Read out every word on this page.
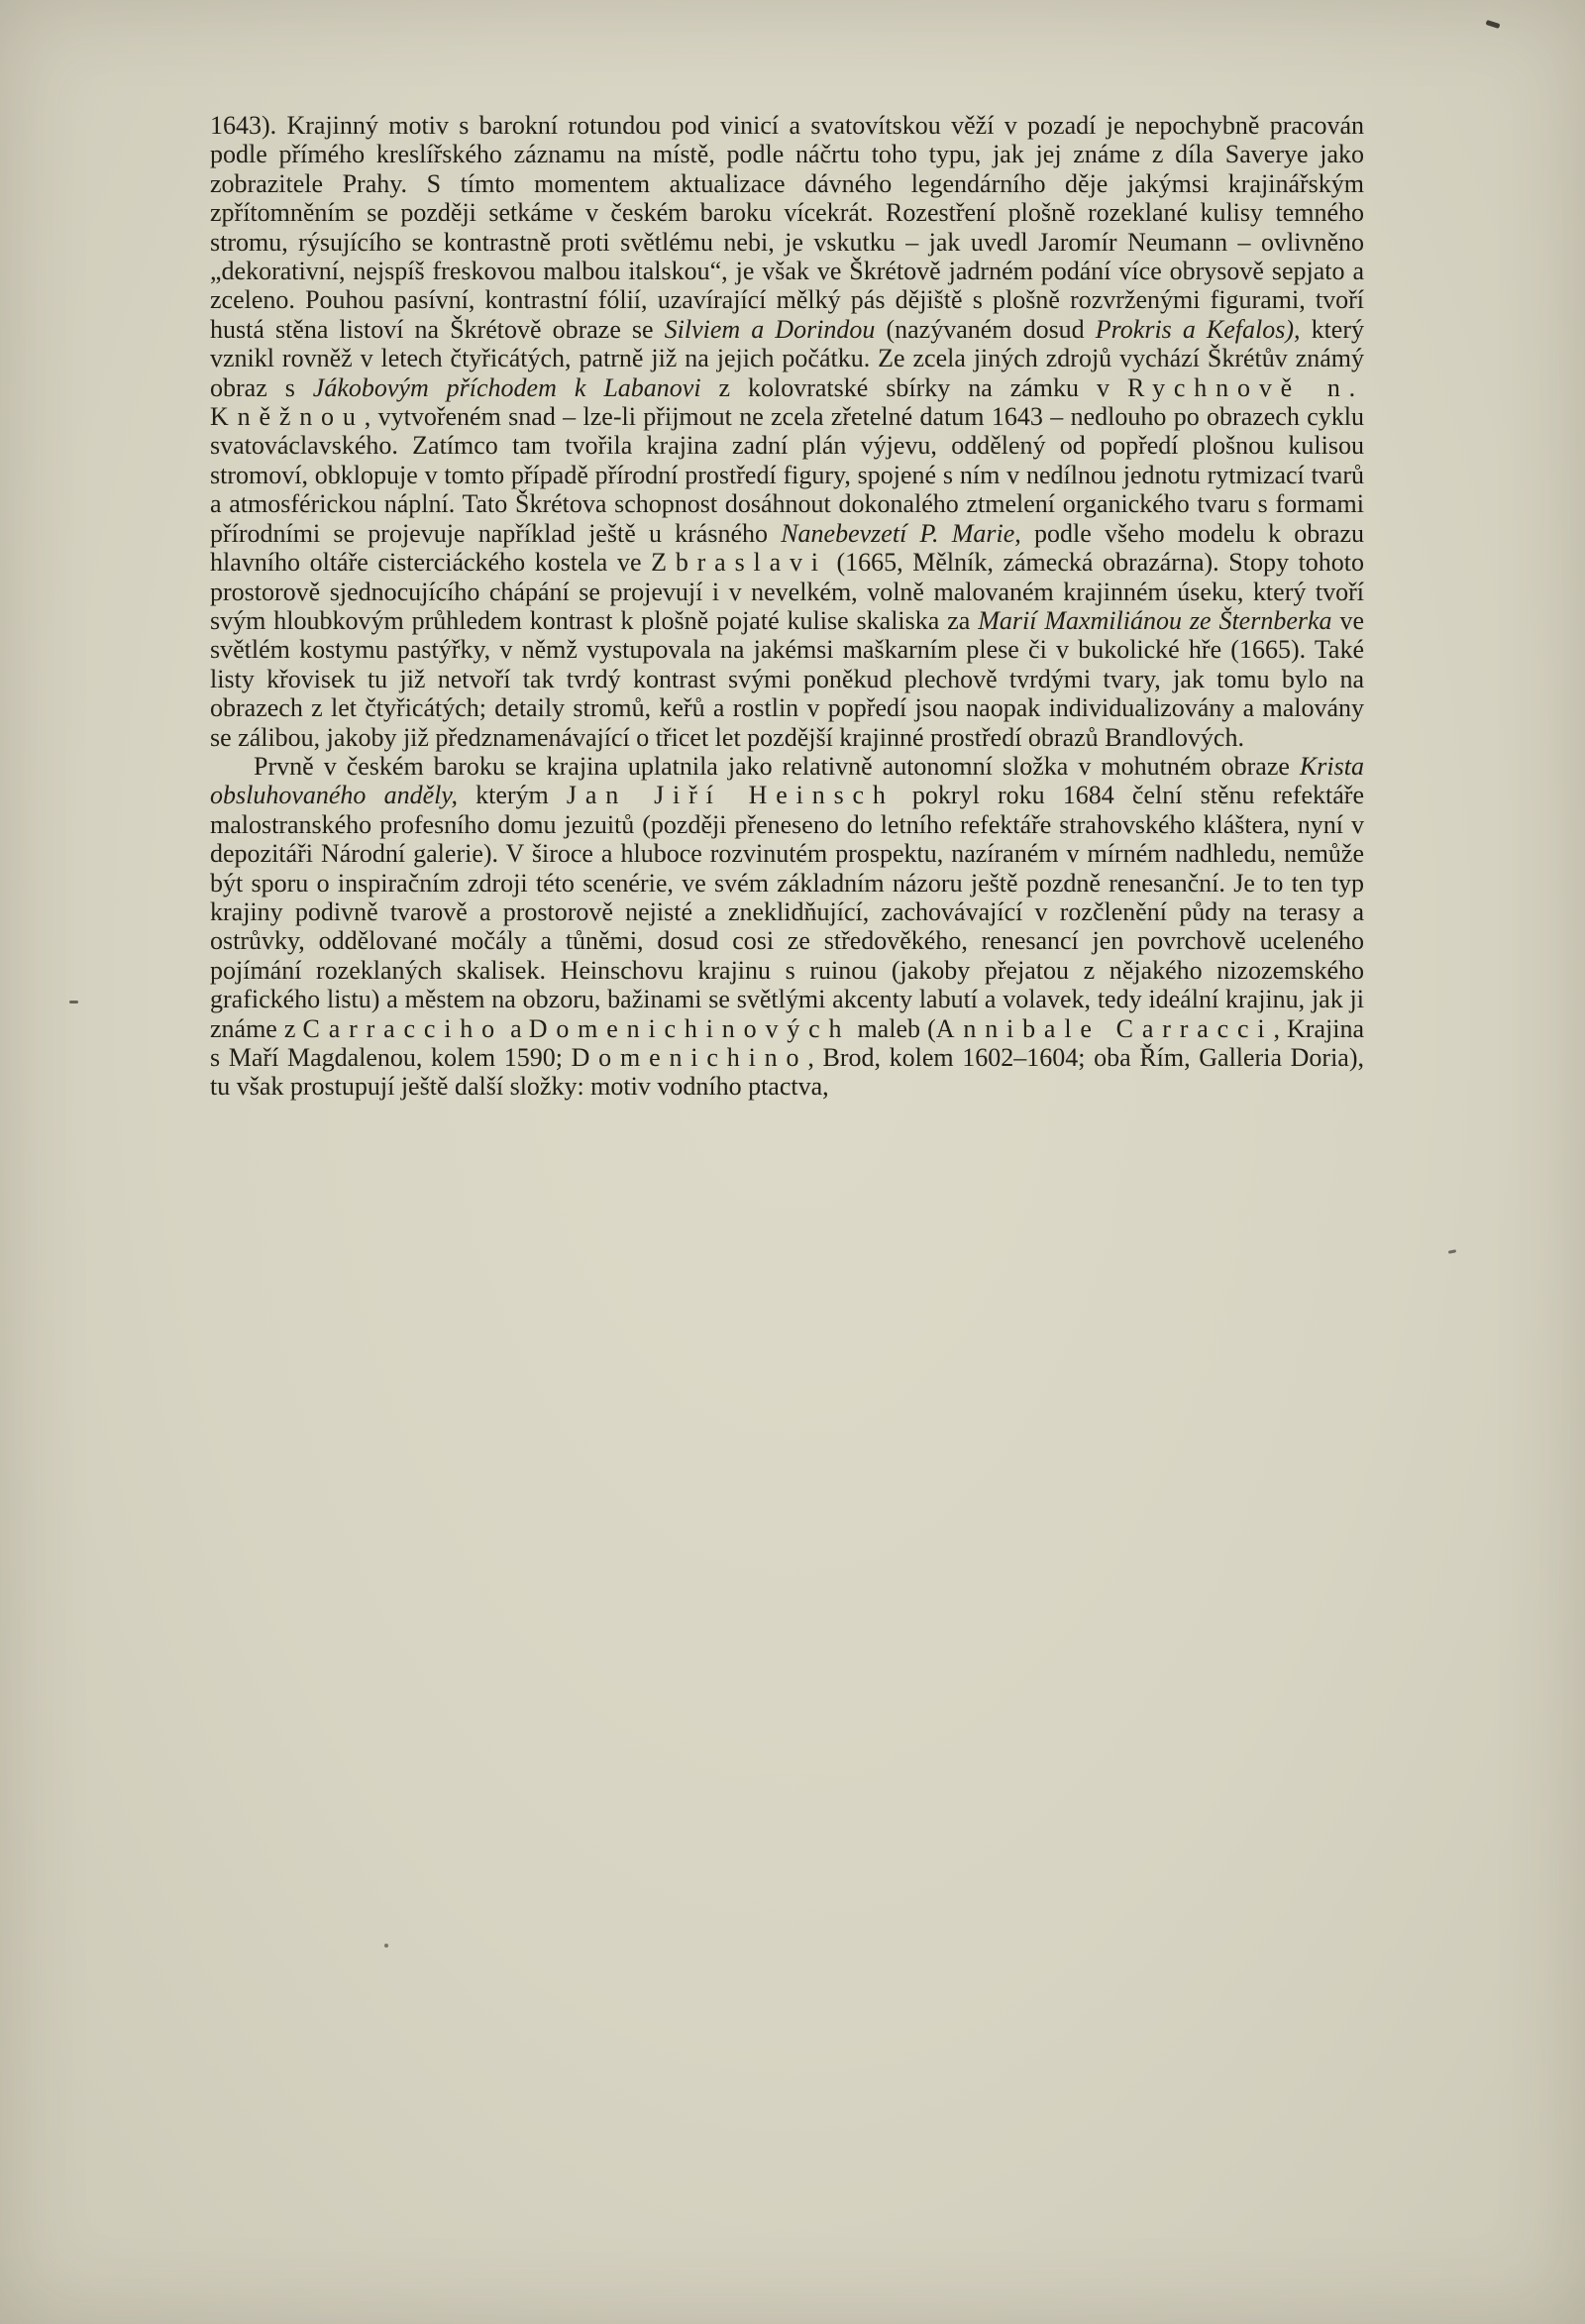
1643). Krajinný motiv s barokní rotundou pod vinicí a svatovítskou věží v pozadí je nepochybně pracován podle přímého kreslířského záznamu na místě, podle náčrtu toho typu, jak jej známe z díla Saverye jako zobrazitele Prahy. S tímto momentem aktualizace dávného legendárního děje jakýmsi krajinářským zpřítomněním se později setkáme v českém baroku vícekrát. Rozestření plošně rozeklané kulisy temného stromu, rýsujícího se kontrastně proti světlému nebi, je vskutku – jak uvedl Jaromír Neumann – ovlivněno „dekorativní, nejspíš freskovou malbou italskou“, je však ve Škrétově jadrném podání více obrysově sepjato a zceleno. Pouhou pasívní, kontrastní fólií, uzavírající mělký pás dějiště s plošně rozvrženými figurami, tvoří hustá stěna listoví na Škrétově obraze se Silviem a Dorindou (nazývaném dosud Prokris a Kefalos), který vznikl rovněž v letech čtyřicátých, patrně již na jejich počátku. Ze zcela jiných zdrojů vychází Škrétův známý obraz s Jákobovým příchodem k Labanovi z kolovratské sbírky na zámku v Rychnově n. Kněžnou, vytvořeném snad – lze-li přijmout ne zcela zřetelné datum 1643 – nedlouho po obrazech cyklu svatováclavského. Zatímco tam tvořila krajina zadní plán výjevu, oddělený od popředí plošnou kulisou stromoví, obklopuje v tomto případě přírodní prostředí figury, spojené s ním v nedílnou jednotu rytmizací tvarů a atmosférickou náplní. Tato Škrétova schopnost dosáhnout dokonalého ztmelení organického tvaru s formami přírodními se projevuje například ještě u krásného Nanebevzetí P. Marie, podle všeho modelu k obrazu hlavního oltáře cisterciáckého kostela ve Zbraslavi (1665, Mělník, zámecká obrazárna). Stopy tohoto prostorově sjednocujícího chápání se projevují i v nevelkém, volně malovaném krajinném úseku, který tvoří svým hloubkovým průhledem kontrast k plošně pojaté kulise skaliska za Marií Maxmiliánou ze Šternberka ve světlém kostymu pastýřky, v němž vystupovala na jakémsi maškarním plese či v bukolické hře (1665). Také listy křovisek tu již netvoří tak tvrdý kontrast svými poněkud plechově tvrdými tvary, jak tomu bylo na obrazech z let čtyřicátých; detaily stromů, keřů a rostlin v popředí jsou naopak individualizovány a malovány se zálibou, jakoby již předznamenávající o třicet let pozdější krajinné prostředí obrazů Brandlových.

Prvně v českém baroku se krajina uplatnila jako relativně autonomní složka v mohutném obraze Krista obsluhovaného anděly, kterým Jan Jiří Heinsch pokryl roku 1684 čelní stěnu refektáře malostranského profesního domu jezuitů (později přeneseno do letního refektáře strahovského kláštera, nyní v depozitáři Národní galerie). V široce a hluboce rozvinutém prospektu, nazíraném v mírném nadhledu, nemůže být sporu o inspiračním zdroji této scenérie, ve svém základním názoru ještě pozdně renesanční. Je to ten typ krajiny podivně tvarově a prostorově nejisté a zneklidňující, zachovávající v rozčlenění půdy na terasy a ostrůvky, oddělované močály a tůněmi, dosud cosi ze středověkého, renesancí jen povrchově uceleného pojímání rozeklaných skalisek. Heinschovu krajinu s ruinou (jakoby přejatou z nějakého nizozemského grafického listu) a městem na obzoru, bažinami se světlými akcenty labutí a volavek, tedy ideální krajinu, jak ji známe z Carracciho a Domenichinových maleb (Annibale Carracci, Krajina s Maří Magdalenou, kolem 1590; Domenichino, Brod, kolem 1602–1604; oba Řím, Galleria Doria), tu však prostupují ještě další složky: motiv vodního ptactva,
